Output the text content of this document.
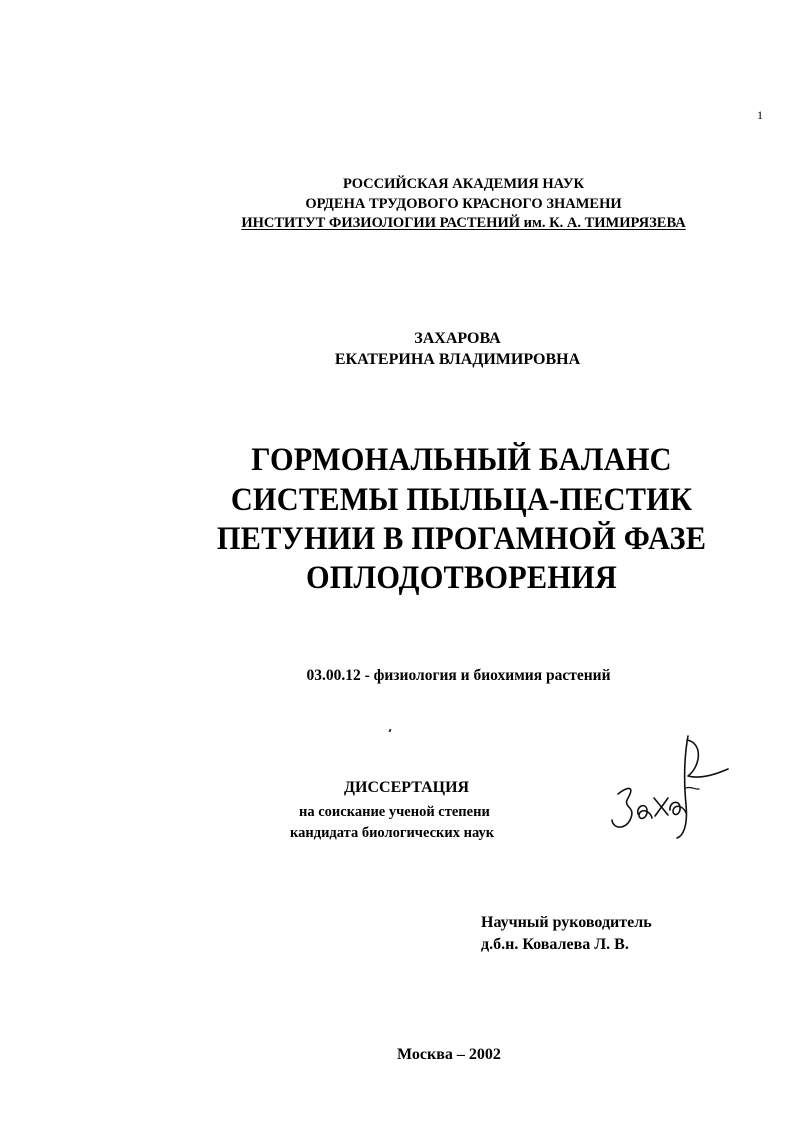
1
РОССИЙСКАЯ АКАДЕМИЯ НАУК
ОРДЕНА ТРУДОВОГО КРАСНОГО ЗНАМЕНИ
ИНСТИТУТ ФИЗИОЛОГИИ РАСТЕНИЙ им. К. А. ТИМИРЯЗЕВА
ЗАХАРОВА
ЕКАТЕРИНА ВЛАДИМИРОВНА
ГОРМОНАЛЬНЫЙ БАЛАНС
СИСТЕМЫ ПЫЛЬЦА-ПЕСТИК
ПЕТУНИИ В ПРОГАМНОЙ ФАЗЕ
ОПЛОДОТВОРЕНИЯ
03.00.12 - физиология и биохимия растений
ДИССЕРТАЦИЯ
на соискание ученой степени
кандидата биологических наук
Научный руководитель
д.б.н. Ковалева Л. В.
Москва – 2002
